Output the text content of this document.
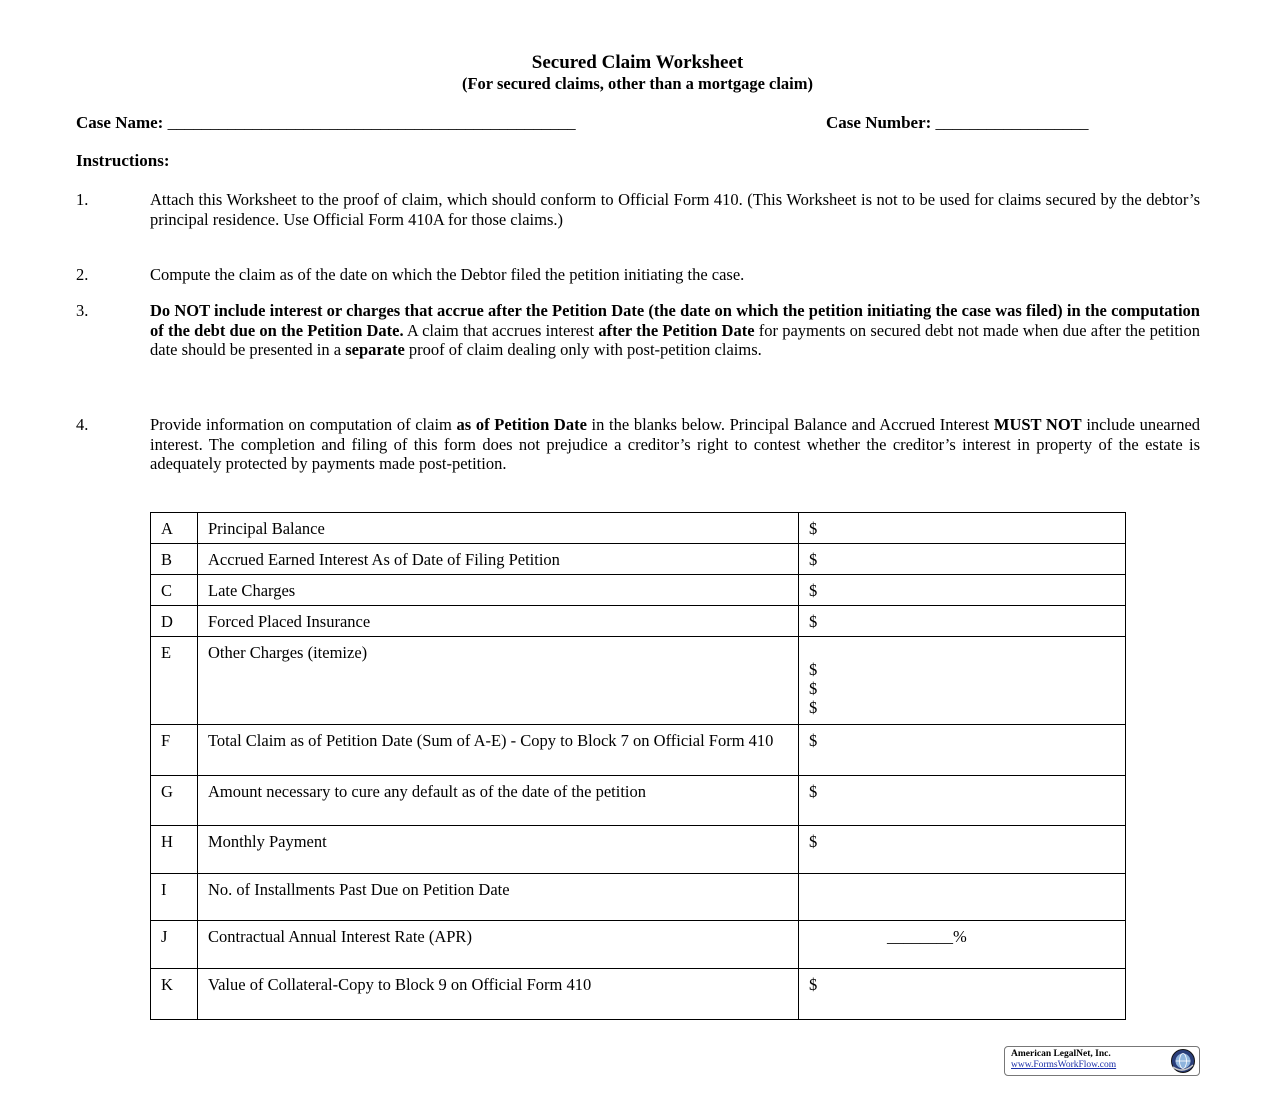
Secured Claim Worksheet
(For secured claims, other than a mortgage claim)
Case Name: ________________________________________________	Case Number: __________________
Instructions:
1.	Attach this Worksheet to the proof of claim, which should conform to Official Form 410. (This Worksheet is not to be used for claims secured by the debtor’s principal residence. Use Official Form 410A for those claims.)
2.	Compute the claim as of the date on which the Debtor filed the petition initiating the case.
3.	Do NOT include interest or charges that accrue after the Petition Date (the date on which the petition initiating the case was filed) in the computation of the debt due on the Petition Date. A claim that accrues interest after the Petition Date for payments on secured debt not made when due after the petition date should be presented in a separate proof of claim dealing only with post-petition claims.
4.	Provide information on computation of claim as of Petition Date in the blanks below. Principal Balance and Accrued Interest MUST NOT include unearned interest. The completion and filing of this form does not prejudice a creditor’s right to contest whether the creditor’s interest in property of the estate is adequately protected by payments made post-petition.
A	Principal Balance	$
B	Accrued Earned Interest As of Date of Filing Petition	$
C	Late Charges	$
D	Forced Placed Insurance	$
E	Other Charges (itemize)	$
$
$

F	Total Claim as of Petition Date (Sum of A-E) - Copy to Block 7 on Official Form 410	$
G	Amount necessary to cure any default as of the date of the petition	$
H	Monthly Payment	$
I	No. of Installments Past Due on Petition Date	
J	Contractual Annual Interest Rate (APR)	________%
K	Value of Collateral-Copy to Block 9 on Official Form 410	$
American LegalNet, Inc.
www.FormsWorkFlow.com
